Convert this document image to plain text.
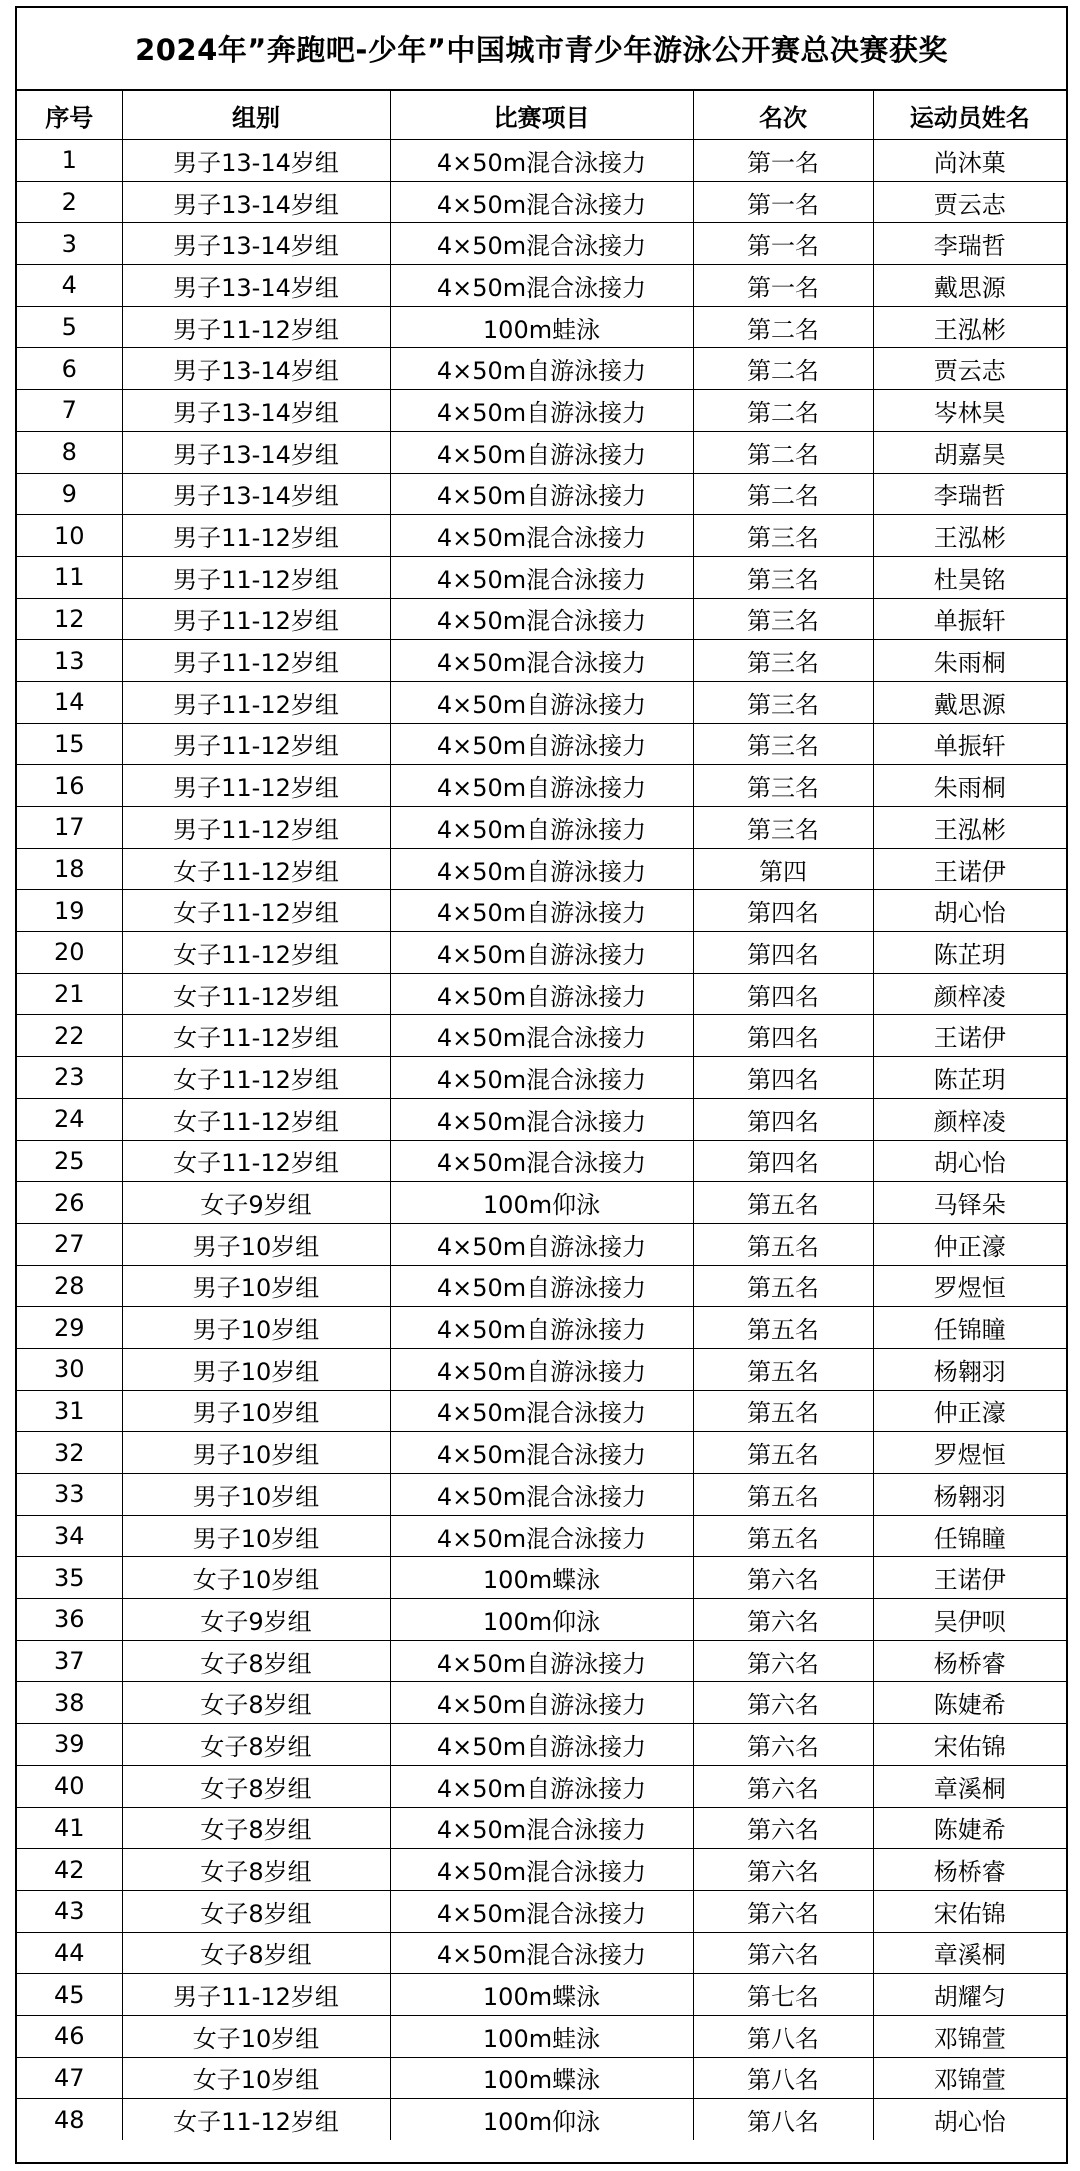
2024年”奔跑吧-少年”中国城市青少年游泳公开赛总决赛获奖
序号	组别	比赛项目	名次	运动员姓名
1	男子13-14岁组	4×50m混合泳接力	第一名	尚沐菓
2	男子13-14岁组	4×50m混合泳接力	第一名	贾云志
3	男子13-14岁组	4×50m混合泳接力	第一名	李瑞哲
4	男子13-14岁组	4×50m混合泳接力	第一名	戴思源
5	男子11-12岁组	100m蛙泳	第二名	王泓彬
6	男子13-14岁组	4×50m自游泳接力	第二名	贾云志
7	男子13-14岁组	4×50m自游泳接力	第二名	岑林昊
8	男子13-14岁组	4×50m自游泳接力	第二名	胡嘉昊
9	男子13-14岁组	4×50m自游泳接力	第二名	李瑞哲
10	男子11-12岁组	4×50m混合泳接力	第三名	王泓彬
11	男子11-12岁组	4×50m混合泳接力	第三名	杜昊铭
12	男子11-12岁组	4×50m混合泳接力	第三名	单振轩
13	男子11-12岁组	4×50m混合泳接力	第三名	朱雨桐
14	男子11-12岁组	4×50m自游泳接力	第三名	戴思源
15	男子11-12岁组	4×50m自游泳接力	第三名	单振轩
16	男子11-12岁组	4×50m自游泳接力	第三名	朱雨桐
17	男子11-12岁组	4×50m自游泳接力	第三名	王泓彬
18	女子11-12岁组	4×50m自游泳接力	第四	王诺伊
19	女子11-12岁组	4×50m自游泳接力	第四名	胡心怡
20	女子11-12岁组	4×50m自游泳接力	第四名	陈芷玥
21	女子11-12岁组	4×50m自游泳接力	第四名	颜梓凌
22	女子11-12岁组	4×50m混合泳接力	第四名	王诺伊
23	女子11-12岁组	4×50m混合泳接力	第四名	陈芷玥
24	女子11-12岁组	4×50m混合泳接力	第四名	颜梓凌
25	女子11-12岁组	4×50m混合泳接力	第四名	胡心怡
26	女子9岁组	100m仰泳	第五名	马铎朵
27	男子10岁组	4×50m自游泳接力	第五名	仲正濠
28	男子10岁组	4×50m自游泳接力	第五名	罗煜恒
29	男子10岁组	4×50m自游泳接力	第五名	任锦瞳
30	男子10岁组	4×50m自游泳接力	第五名	杨翱羽
31	男子10岁组	4×50m混合泳接力	第五名	仲正濠
32	男子10岁组	4×50m混合泳接力	第五名	罗煜恒
33	男子10岁组	4×50m混合泳接力	第五名	杨翱羽
34	男子10岁组	4×50m混合泳接力	第五名	任锦瞳
35	女子10岁组	100m蝶泳	第六名	王诺伊
36	女子9岁组	100m仰泳	第六名	吴伊呗
37	女子8岁组	4×50m自游泳接力	第六名	杨桥睿
38	女子8岁组	4×50m自游泳接力	第六名	陈婕希
39	女子8岁组	4×50m自游泳接力	第六名	宋佑锦
40	女子8岁组	4×50m自游泳接力	第六名	章溪桐
41	女子8岁组	4×50m混合泳接力	第六名	陈婕希
42	女子8岁组	4×50m混合泳接力	第六名	杨桥睿
43	女子8岁组	4×50m混合泳接力	第六名	宋佑锦
44	女子8岁组	4×50m混合泳接力	第六名	章溪桐
45	男子11-12岁组	100m蝶泳	第七名	胡耀匀
46	女子10岁组	100m蛙泳	第八名	邓锦萱
47	女子10岁组	100m蝶泳	第八名	邓锦萱
48	女子11-12岁组	100m仰泳	第八名	胡心怡
